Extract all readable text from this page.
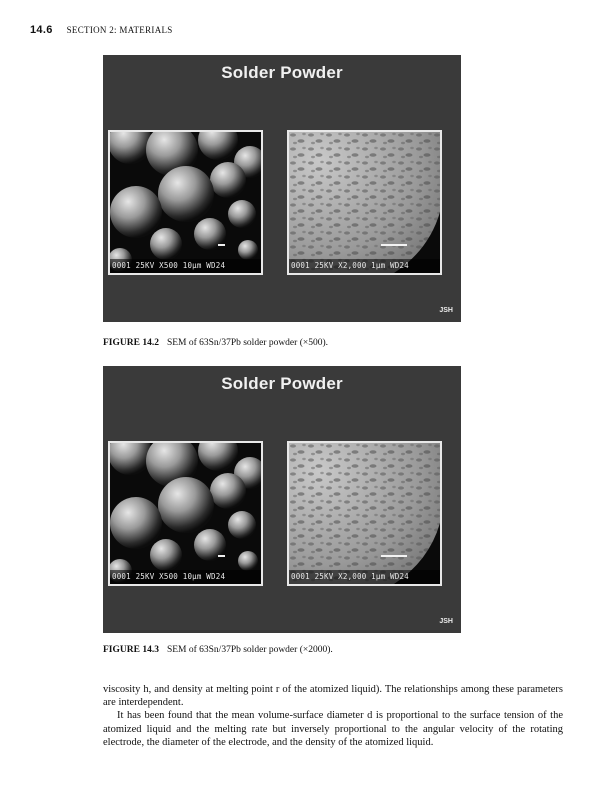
14.6 SECTION 2: MATERIALS
Solder Powder
0001 25KV X500 10µm WD24	0001 25KV X2,000 1µm WD24
JSH
FIGURE 14.2 SEM of 63Sn/37Pb solder powder (×500).
Solder Powder
0001 25KV X500 10µm WD24	0001 25KV X2,000 1µm WD24
JSH
FIGURE 14.3 SEM of 63Sn/37Pb solder powder (×2000).

viscosity h, and density at melting point r of the atomized liquid). The relationships among these parameters are interdependent.

It has been found that the mean volume-surface diameter d is proportional to the surface tension of the atomized liquid and the melting rate but inversely proportional to the angular velocity of the rotating electrode, the diameter of the electrode, and the density of the atomized liquid.
